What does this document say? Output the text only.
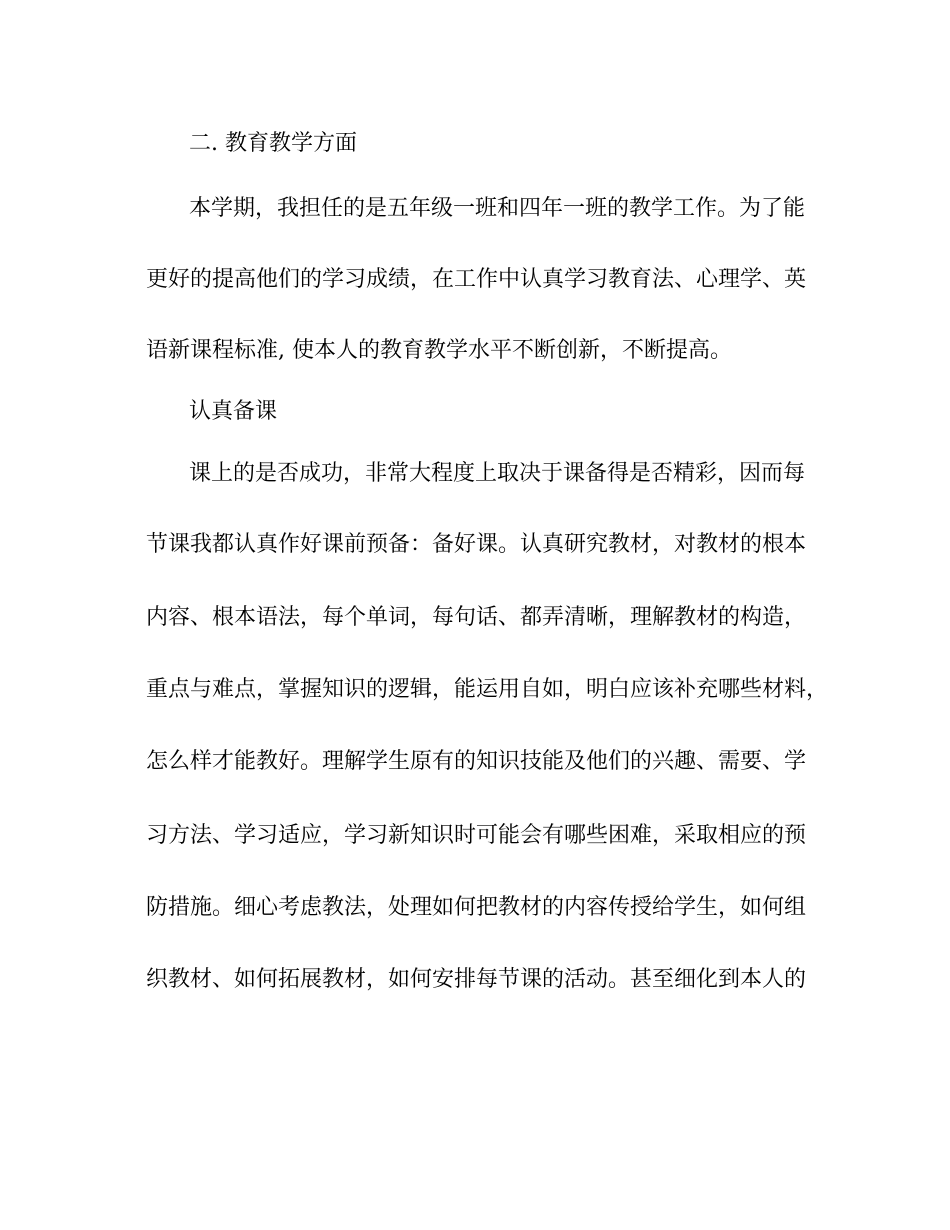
二. 教育教学方面
本学期，我担任的是五年级一班和四年一班的教学工作。为了能
更好的提高他们的学习成绩，在工作中认真学习教育法、心理学、英
语新课程标准, 使本人的教育教学水平不断创新，不断提高。
认真备课
课上的是否成功，非常大程度上取决于课备得是否精彩，因而每
节课我都认真作好课前预备：备好课。认真研究教材，对教材的根本
内容、根本语法，每个单词，每句话、都弄清晰，理解教材的构造，
重点与难点，掌握知识的逻辑，能运用自如，明白应该补充哪些材料，
怎么样才能教好。理解学生原有的知识技能及他们的兴趣、需要、学
习方法、学习适应，学习新知识时可能会有哪些困难，采取相应的预
防措施。细心考虑教法，处理如何把教材的内容传授给学生，如何组
织教材、如何拓展教材，如何安排每节课的活动。甚至细化到本人的
